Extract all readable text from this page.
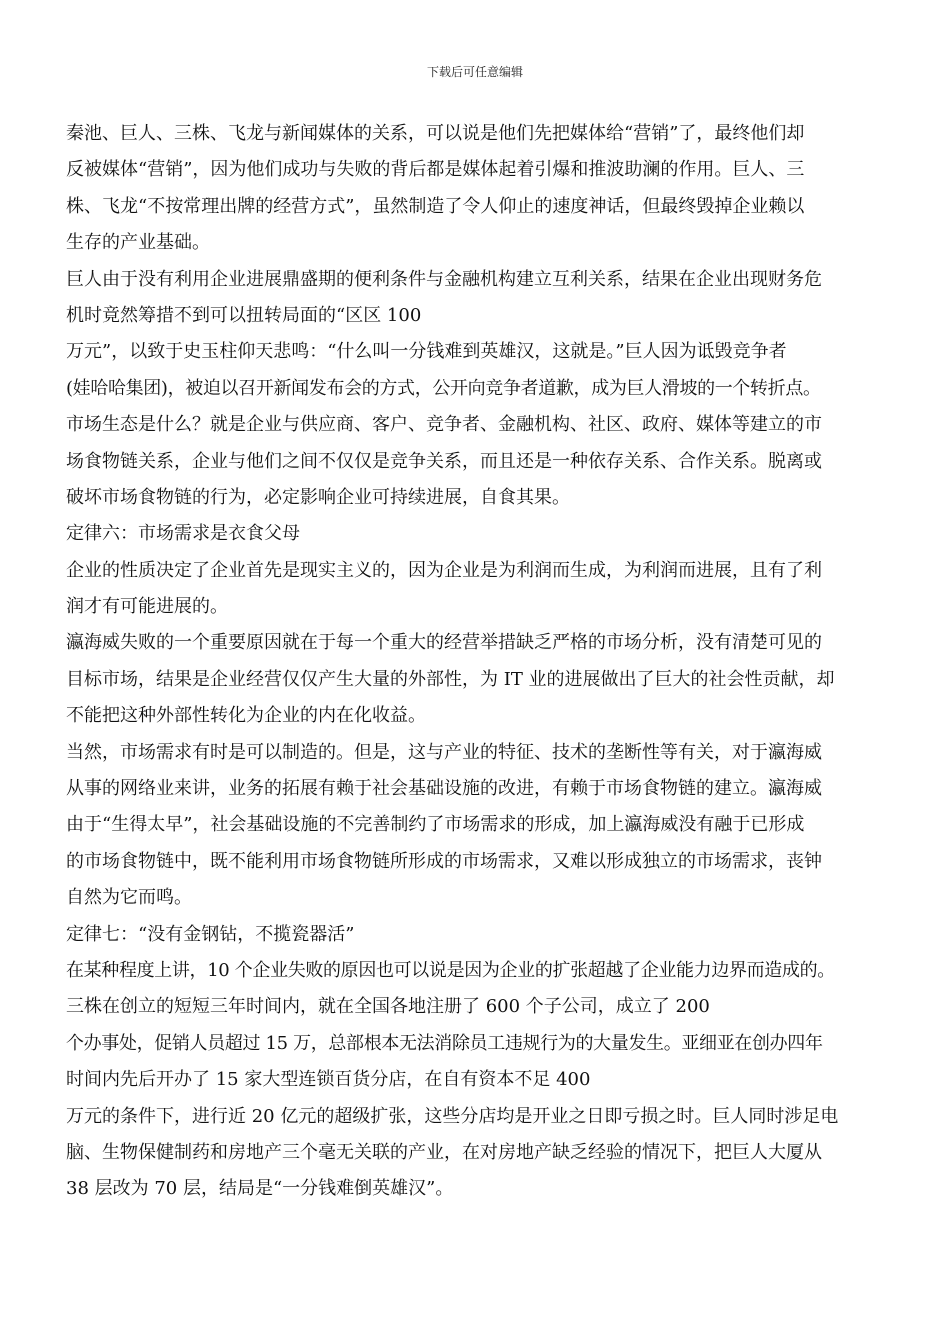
下载后可任意编辑
秦池、巨人、三株、飞龙与新闻媒体的关系，可以说是他们先把媒体给“营销”了，最终他们却
反被媒体“营销”，因为他们成功与失败的背后都是媒体起着引爆和推波助澜的作用。巨人、三
株、飞龙“不按常理出牌的经营方式”，虽然制造了令人仰止的速度神话，但最终毁掉企业赖以
生存的产业基础。
巨人由于没有利用企业进展鼎盛期的便利条件与金融机构建立互利关系，结果在企业出现财务危
机时竟然筹措不到可以扭转局面的“区区 100
万元”，以致于史玉柱仰天悲鸣：“什么叫一分钱难到英雄汉，这就是。”巨人因为诋毁竞争者
(娃哈哈集团)，被迫以召开新闻发布会的方式，公开向竞争者道歉，成为巨人滑坡的一个转折点。
市场生态是什么？就是企业与供应商、客户、竞争者、金融机构、社区、政府、媒体等建立的市
场食物链关系，企业与他们之间不仅仅是竞争关系，而且还是一种依存关系、合作关系。脱离或
破坏市场食物链的行为，必定影响企业可持续进展，自食其果。
定律六：市场需求是衣食父母
企业的性质决定了企业首先是现实主义的，因为企业是为利润而生成，为利润而进展，且有了利
润才有可能进展的。
瀛海威失败的一个重要原因就在于每一个重大的经营举措缺乏严格的市场分析，没有清楚可见的
目标市场，结果是企业经营仅仅产生大量的外部性，为 IT 业的进展做出了巨大的社会性贡献，却
不能把这种外部性转化为企业的内在化收益。
当然，市场需求有时是可以制造的。但是，这与产业的特征、技术的垄断性等有关，对于瀛海威
从事的网络业来讲，业务的拓展有赖于社会基础设施的改进，有赖于市场食物链的建立。瀛海威
由于“生得太早”，社会基础设施的不完善制约了市场需求的形成，加上瀛海威没有融于已形成
的市场食物链中，既不能利用市场食物链所形成的市场需求，又难以形成独立的市场需求，丧钟
自然为它而鸣。
定律七：“没有金钢钻，不揽瓷器活”
在某种程度上讲，10 个企业失败的原因也可以说是因为企业的扩张超越了企业能力边界而造成的。
三株在创立的短短三年时间内，就在全国各地注册了 600 个子公司，成立了 200
个办事处，促销人员超过 15 万，总部根本无法消除员工违规行为的大量发生。亚细亚在创办四年
时间内先后开办了 15 家大型连锁百货分店，在自有资本不足 400
万元的条件下，进行近 20 亿元的超级扩张，这些分店均是开业之日即亏损之时。巨人同时涉足电
脑、生物保健制药和房地产三个毫无关联的产业，在对房地产缺乏经验的情况下，把巨人大厦从
38 层改为 70 层，结局是“一分钱难倒英雄汉”。
